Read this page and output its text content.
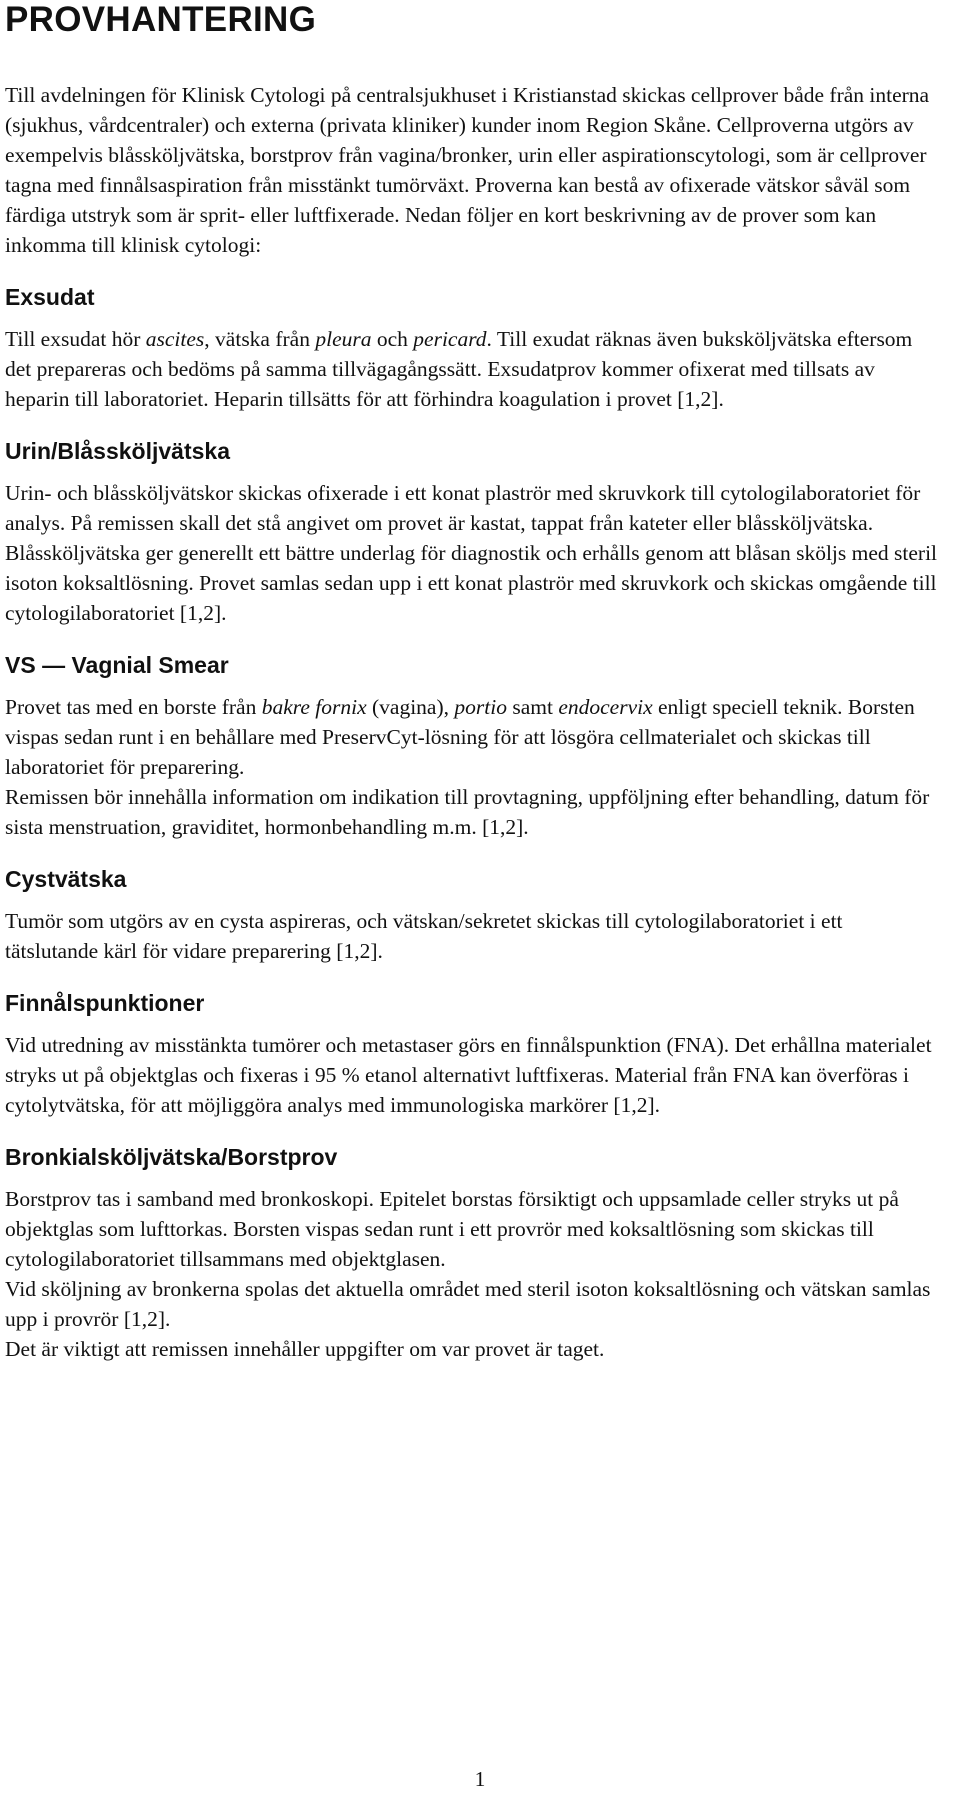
PROVHANTERING

Till avdelningen för Klinisk Cytologi på centralsjukhuset i Kristianstad skickas cellprover både från interna (sjukhus, vårdcentraler) och externa (privata kliniker) kunder inom Region Skåne. Cellproverna utgörs av exempelvis blåssköljvätska, borstprov från vagina/bronker, urin eller aspirationscytologi, som är cellprover tagna med finnålsaspiration från misstänkt tumörväxt. Proverna kan bestå av ofixerade vätskor såväl som färdiga utstryk som är sprit- eller luftfixerade. Nedan följer en kort beskrivning av de prover som kan inkomma till klinisk cytologi:

Exsudat

Till exsudat hör ascites, vätska från pleura och pericard. Till exudat räknas även buksköljvätska eftersom det prepareras och bedöms på samma tillvägagångssätt. Exsudatprov kommer ofixerat med tillsats av heparin till laboratoriet. Heparin tillsätts för att förhindra koagulation i provet [1,2].

Urin/Blåssköljvätska

Urin- och blåssköljvätskor skickas ofixerade i ett konat plaströr med skruvkork till cytologilaboratoriet för analys. På remissen skall det stå angivet om provet är kastat, tappat från kateter eller blåssköljvätska.

Blåssköljvätska ger generellt ett bättre underlag för diagnostik och erhålls genom att blåsan sköljs med steril isoton koksaltlösning. Provet samlas sedan upp i ett konat plaströr med skruvkork och skickas omgående till cytologilaboratoriet [1,2].

VS — Vagnial Smear

Provet tas med en borste från bakre fornix (vagina), portio samt endocervix enligt speciell teknik. Borsten vispas sedan runt i en behållare med PreservCyt-lösning för att lösgöra cellmaterialet och skickas till laboratoriet för preparering.

Remissen bör innehålla information om indikation till provtagning, uppföljning efter behandling, datum för sista menstruation, graviditet, hormonbehandling m.m. [1,2].

Cystvätska

Tumör som utgörs av en cysta aspireras, och vätskan/sekretet skickas till cytologilaboratoriet i ett tätslutande kärl för vidare preparering [1,2].

Finnålspunktioner

Vid utredning av misstänkta tumörer och metastaser görs en finnålspunktion (FNA). Det erhållna materialet stryks ut på objektglas och fixeras i 95 % etanol alternativt luftfixeras. Material från FNA kan överföras i cytolytvätska, för att möjliggöra analys med immunologiska markörer [1,2].

Bronkialsköljvätska/Borstprov

Borstprov tas i samband med bronkoskopi. Epitelet borstas försiktigt och uppsamlade celler stryks ut på objektglas som lufttorkas. Borsten vispas sedan runt i ett provrör med koksaltlösning som skickas till cytologilaboratoriet tillsammans med objektglasen.

Vid sköljning av bronkerna spolas det aktuella området med steril isoton koksaltlösning och vätskan samlas upp i provrör [1,2].

Det är viktigt att remissen innehåller uppgifter om var provet är taget.

1
